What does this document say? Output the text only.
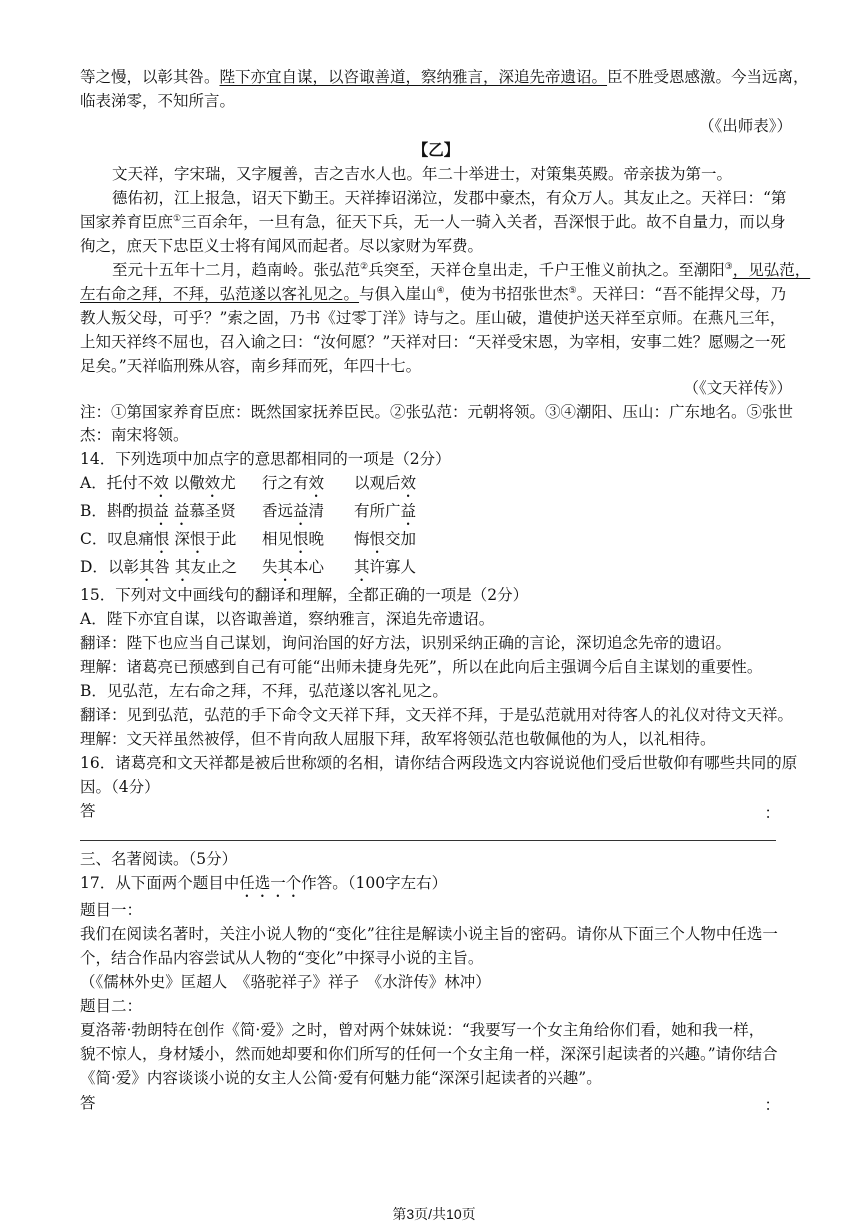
等之慢，以彰其咎。陛下亦宜自谋，以咨诹善道，察纳雅言，深追先帝遗诏。臣不胜受恩感激。今当远离，
临表涕零，不知所言。
（《出师表》）
【乙】
文天祥，字宋瑞，又字履善，吉之吉水人也。年二十举进士，对策集英殿。帝亲拔为第一。
德佑初，江上报急，诏天下勤王。天祥捧诏涕泣，发郡中豪杰，有众万人。其友止之。天祥曰：“第
国家养育臣庶①三百余年，一旦有急，征天下兵，无一人一骑入关者，吾深恨于此。故不自量力，而以身
徇之，庶天下忠臣义士将有闻风而起者。尽以家财为军费。
至元十五年十二月，趋南岭。张弘范②兵突至，天祥仓皇出走，千户王惟义前执之。至潮阳③，见弘范，
左右命之拜，不拜，弘范遂以客礼见之。与俱入崖山④，使为书招张世杰⑤。天祥曰：“吾不能捍父母，乃
教人叛父母，可乎？”索之固，乃书《过零丁洋》诗与之。厓山破，遣使护送天祥至京师。在燕凡三年，
上知天祥终不屈也，召入谕之曰：“汝何愿？”天祥对曰：“天祥受宋恩，为宰相，安事二姓？愿赐之一死
足矣。”天祥临刑殊从容，南乡拜而死，年四十七。
（《文天祥传》）
注：①第国家养育臣庶：既然国家抚养臣民。②张弘范：元朝将领。③④潮阳、压山：广东地名。⑤张世
杰：南宋将领。
14．下列选项中加点字的意思都相同的一项是（2分）
A．托付不效 以儆效尤 行之有效 以观后效
B．斟酌损益 益慕圣贤 香远益清 有所广益
C．叹息痛恨 深恨于此 相见恨晚 悔恨交加
D．以彰其咎 其友止之 失其本心 其许寡人
15．下列对文中画线句的翻译和理解，全都正确的一项是（2分）
A．陛下亦宜自谋，以咨诹善道，察纳雅言，深追先帝遗诏。
翻译：陛下也应当自己谋划，询问治国的好方法，识别采纳正确的言论，深切追念先帝的遗诏。
理解：诸葛亮已预感到自己有可能“出师未捷身先死”，所以在此向后主强调今后自主谋划的重要性。
B．见弘范，左右命之拜，不拜，弘范遂以客礼见之。
翻译：见到弘范，弘范的手下命令文天祥下拜，文天祥不拜，于是弘范就用对待客人的礼仪对待文天祥。
理解：文天祥虽然被俘，但不肯向敌人屈服下拜，敌军将领弘范也敬佩他的为人，以礼相待。
16．诸葛亮和文天祥都是被后世称颂的名相，请你结合两段选文内容说说他们受后世敬仰有哪些共同的原
因。（4分）
答	：
三、名著阅读。（5分）
17．从下面两个题目中任选一个作答。（100字左右）
题目一：
我们在阅读名著时，关注小说人物的“变化”往往是解读小说主旨的密码。请你从下面三个人物中任选一
个，结合作品内容尝试从人物的“变化”中探寻小说的主旨。
（《儒林外史》匡超人　《骆驼祥子》祥子　《水浒传》林冲）
题目二：
夏洛蒂·勃朗特在创作《简·爱》之时，曾对两个妹妹说：“我要写一个女主角给你们看，她和我一样，
貌不惊人，身材矮小，然而她却要和你们所写的任何一个女主角一样，深深引起读者的兴趣。”请你结合
《简·爱》内容谈谈小说的女主人公简·爱有何魅力能“深深引起读者的兴趣”。
答	：
第3页/共10页
